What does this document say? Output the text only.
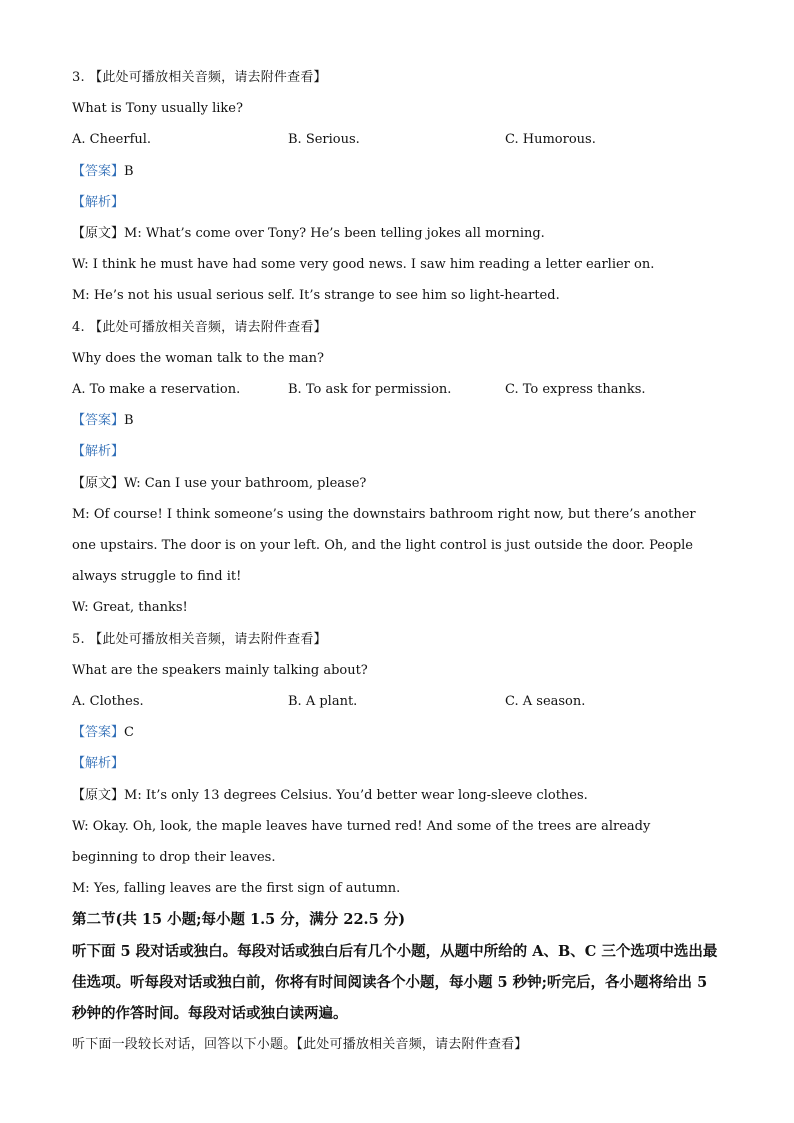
3. 【此处可播放相关音频，请去附件查看】
What is Tony usually like?
A. Cheerful.	B. Serious.	C. Humorous.
【答案】B
【解析】
【原文】M: What’s come over Tony? He’s been telling jokes all morning.
W: I think he must have had some very good news. I saw him reading a letter earlier on.
M: He’s not his usual serious self. It’s strange to see him so light-hearted.
4. 【此处可播放相关音频，请去附件查看】
Why does the woman talk to the man?
A. To make a reservation.	B. To ask for permission.	C. To express thanks.
【答案】B
【解析】
【原文】W: Can I use your bathroom, please?
M: Of course! I think someone’s using the downstairs bathroom right now, but there’s another one upstairs. The door is on your left. Oh, and the light control is just outside the door. People always struggle to find it!
W: Great, thanks!
5. 【此处可播放相关音频，请去附件查看】
What are the speakers mainly talking about?
A. Clothes.	B. A plant.	C. A season.
【答案】C
【解析】
【原文】M: It’s only 13 degrees Celsius. You’d better wear long-sleeve clothes.
W: Okay. Oh, look, the maple leaves have turned red! And some of the trees are already beginning to drop their leaves.
M: Yes, falling leaves are the first sign of autumn.
第二节(共 15 小题;每小题 1.5 分，满分 22.5 分)
听下面 5 段对话或独白。每段对话或独白后有几个小题，从题中所给的 A、B、C 三个选项中选出最佳选项。听每段对话或独白前，你将有时间阅读各个小题，每小题 5 秒钟;听完后，各小题将给出 5 秒钟的作答时间。每段对话或独白读两遍。
听下面一段较长对话，回答以下小题。【此处可播放相关音频，请去附件查看】
